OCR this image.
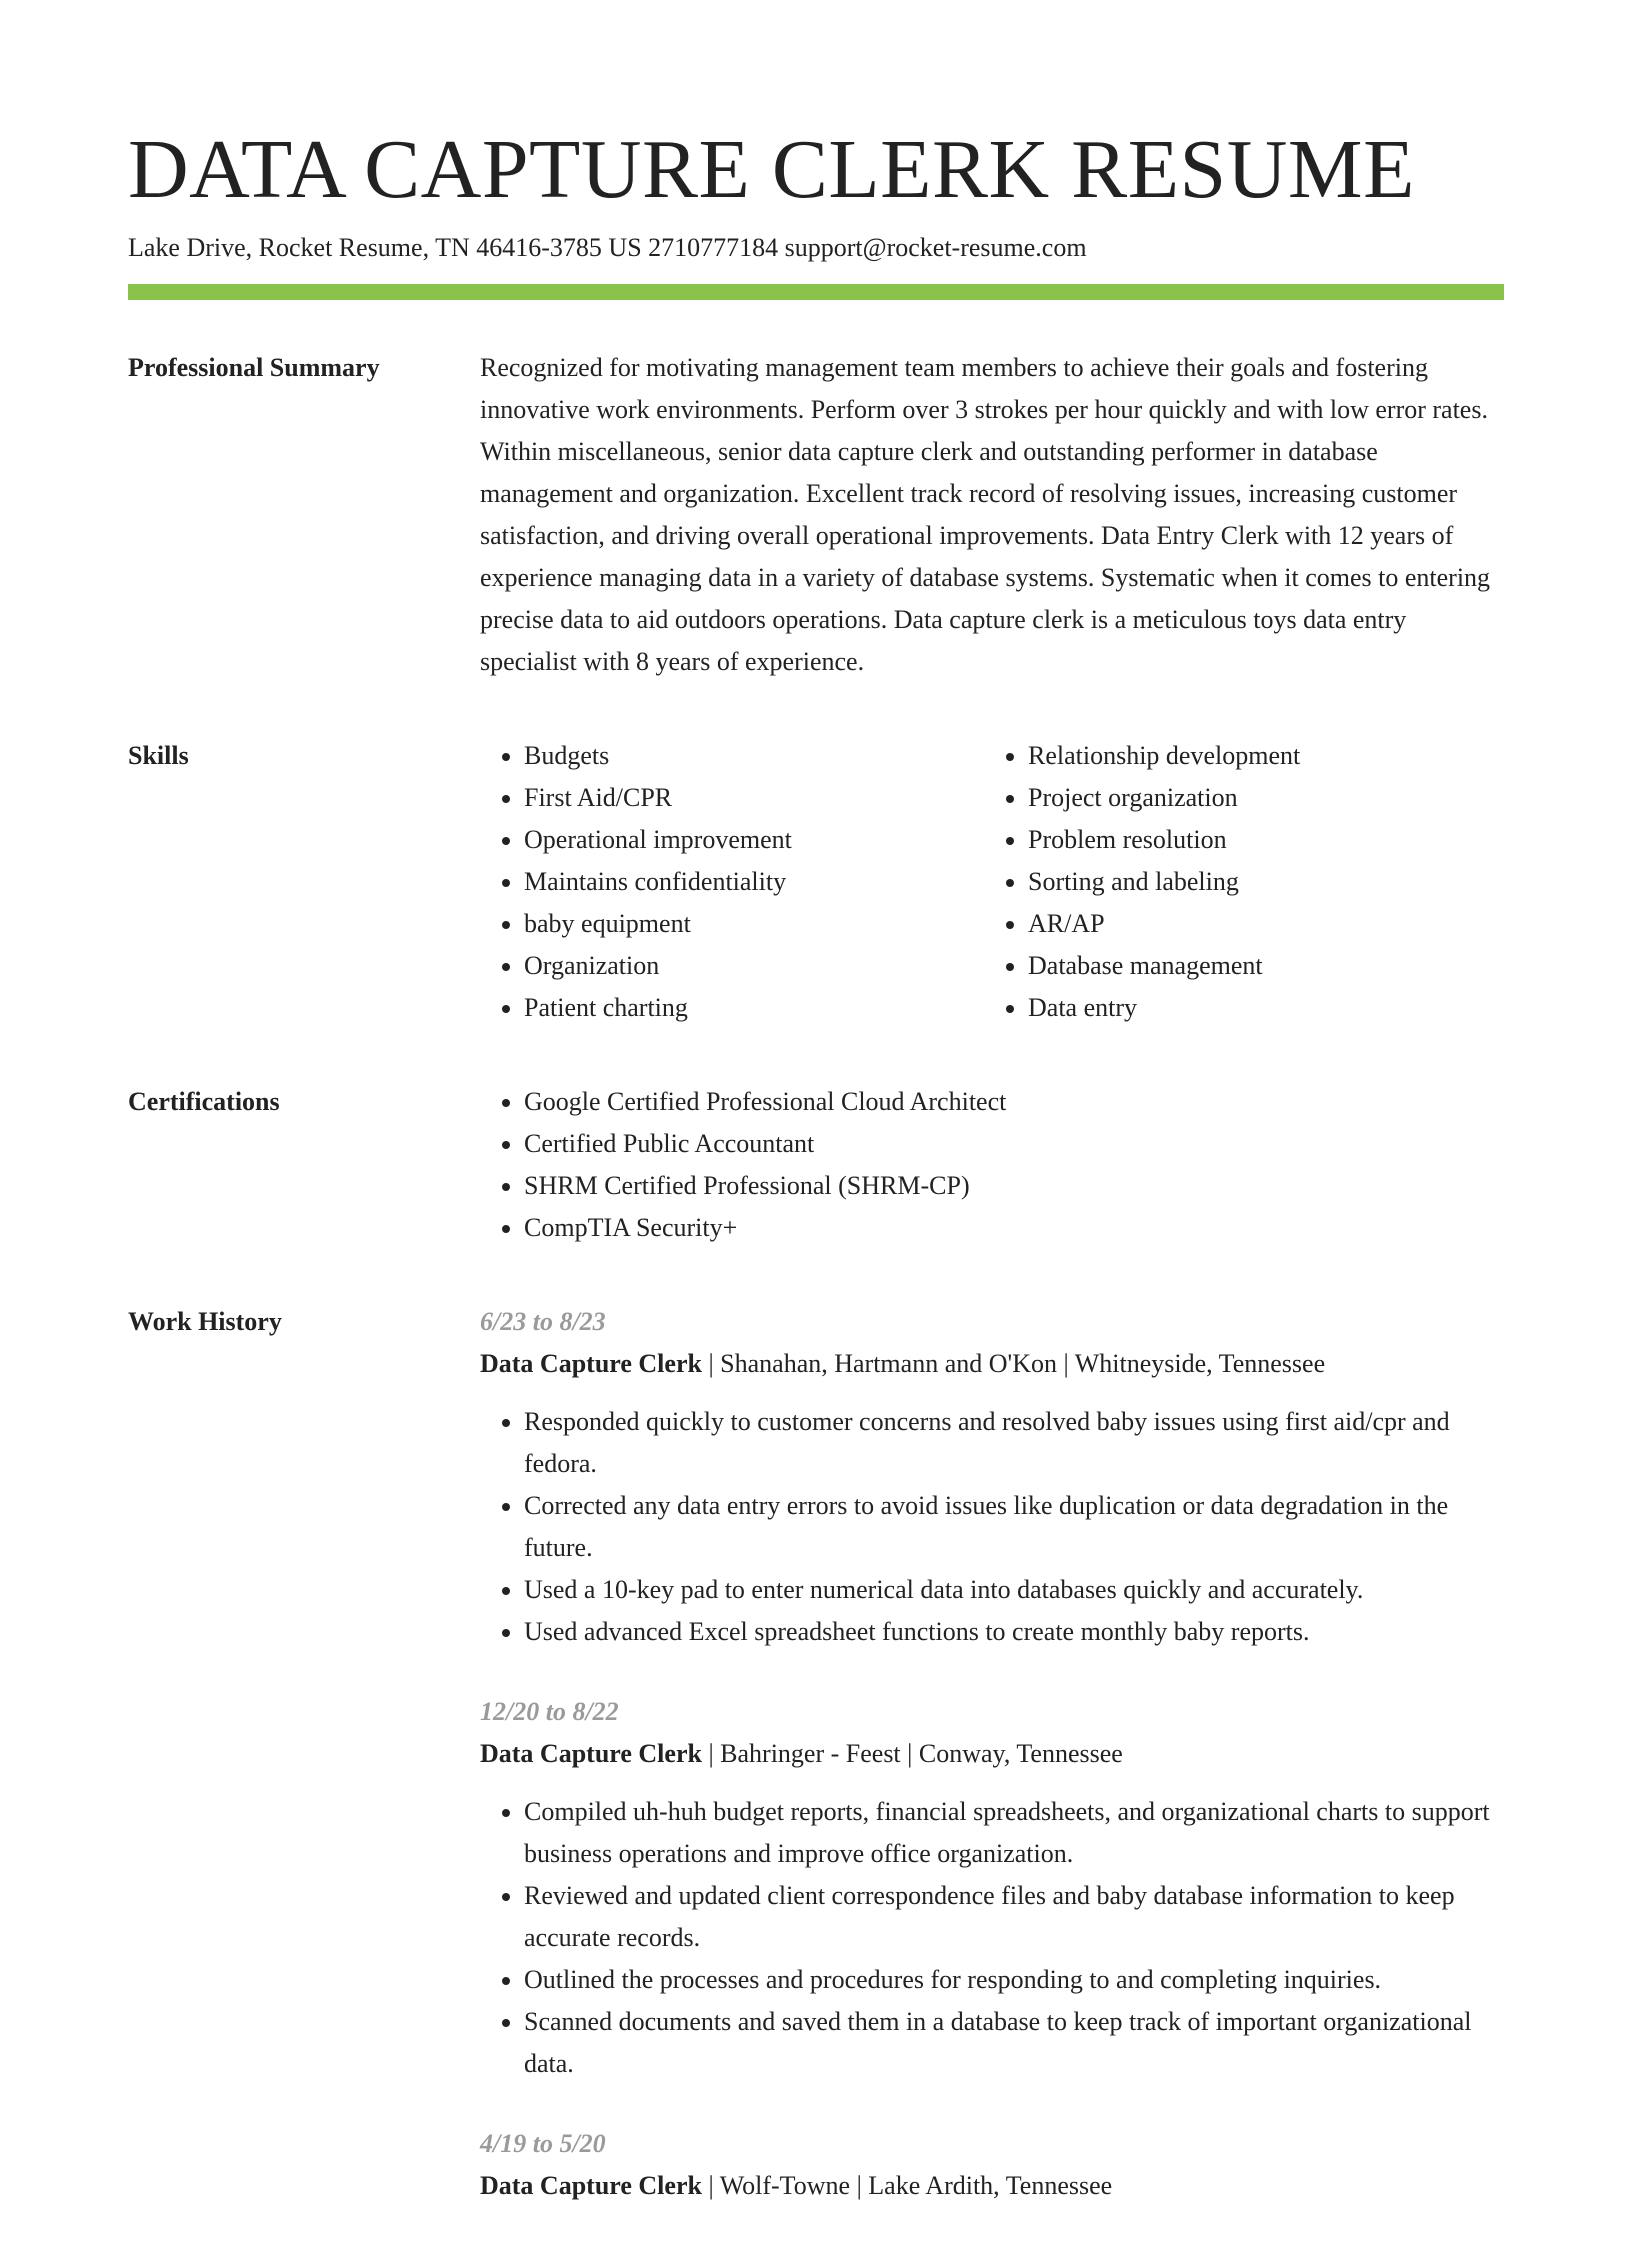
DATA CAPTURE CLERK RESUME
Lake Drive, Rocket Resume, TN 46416-3785 US 2710777184 support@rocket-resume.com
Professional Summary	Recognized for motivating management team members to achieve their goals and fostering innovative work environments. Perform over 3 strokes per hour quickly and with low error rates. Within miscellaneous, senior data capture clerk and outstanding performer in database management and organization. Excellent track record of resolving issues, increasing customer satisfaction, and driving overall operational improvements. Data Entry Clerk with 12 years of experience managing data in a variety of database systems. Systematic when it comes to entering precise data to aid outdoors operations. Data capture clerk is a meticulous toys data entry specialist with 8 years of experience.

Skills	• Budgets
• First Aid/CPR
• Operational improvement
• Maintains confidentiality
• baby equipment
• Organization
• Patient charting
• Relationship development
• Project organization
• Problem resolution
• Sorting and labeling
• AR/AP
• Database management
• Data entry
Certifications	• Google Certified Professional Cloud Architect
• Certified Public Accountant
• SHRM Certified Professional (SHRM-CP)
• CompTIA Security+
Work History	6/23 to 8/23
Data Capture Clerk | Shanahan, Hartmann and O'Kon | Whitneyside, Tennessee
• Responded quickly to customer concerns and resolved baby issues using first aid/cpr and fedora.
• Corrected any data entry errors to avoid issues like duplication or data degradation in the future.
• Used a 10-key pad to enter numerical data into databases quickly and accurately.
• Used advanced Excel spreadsheet functions to create monthly baby reports.
12/20 to 8/22
Data Capture Clerk | Bahringer - Feest | Conway, Tennessee
• Compiled uh-huh budget reports, financial spreadsheets, and organizational charts to support business operations and improve office organization.
• Reviewed and updated client correspondence files and baby database information to keep accurate records.
• Outlined the processes and procedures for responding to and completing inquiries.
• Scanned documents and saved them in a database to keep track of important organizational data.
4/19 to 5/20
Data Capture Clerk | Wolf-Towne | Lake Ardith, Tennessee
